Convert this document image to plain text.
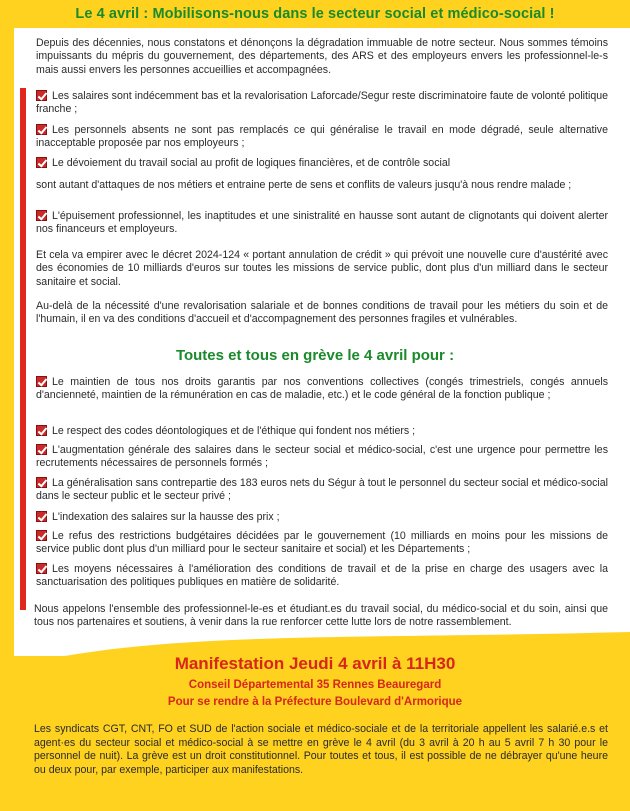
Le 4 avril : Mobilisons-nous dans le secteur social et médico-social !
Depuis des décennies, nous constatons et dénonçons la dégradation immuable de notre secteur. Nous sommes témoins impuissants du mépris du gouvernement, des départements, des ARS et des employeurs envers les professionnel-le-s mais aussi envers les personnes accueillies et accompagnées.
Les salaires sont indécemment bas et la revalorisation Laforcade/Segur reste discriminatoire faute de volonté politique franche ;
Les personnels absents ne sont pas remplacés ce qui généralise le travail en mode dégradé, seule alternative inacceptable proposée par nos employeurs ;
Le dévoiement du travail social au profit de logiques financières, et de contrôle social
sont autant d'attaques de nos métiers et entraine perte de sens et conflits de valeurs jusqu'à nous rendre malade ;
L'épuisement professionnel, les inaptitudes et une sinistralité en hausse sont autant de clignotants qui doivent alerter nos financeurs et employeurs.
Et cela va empirer avec le décret 2024-124 « portant annulation de crédit » qui prévoit une nouvelle cure d'austérité avec des économies de 10 milliards d'euros sur toutes les missions de service public, dont plus d'un milliard dans le secteur sanitaire et social.
Au-delà de la nécessité d'une revalorisation salariale et de bonnes conditions de travail pour les métiers du soin et de l'humain, il en va des conditions d'accueil et d'accompagnement des personnes fragiles et vulnérables.
Toutes et tous en grève le 4 avril pour :
Le maintien de tous nos droits garantis par nos conventions collectives (congés trimestriels, congés annuels d'ancienneté, maintien de la rémunération en cas de maladie, etc.) et le code général de la fonction publique ;
Le respect des codes déontologiques et de l'éthique qui fondent nos métiers ;
L'augmentation générale des salaires dans le secteur social et médico-social, c'est une urgence pour permettre les recrutements nécessaires de personnels formés ;
La généralisation sans contrepartie des 183 euros nets du Ségur à tout le personnel du secteur social et médico-social dans le secteur public et le secteur privé ;
L'indexation des salaires sur la hausse des prix ;
Le refus des restrictions budgétaires décidées par le gouvernement (10 milliards en moins pour les missions de service public dont plus d'un milliard pour le secteur sanitaire et social) et les Départements ;
Les moyens nécessaires à l'amélioration des conditions de travail et de la prise en charge des usagers avec la sanctuarisation des politiques publiques en matière de solidarité.
Nous appelons l'ensemble des professionnel-le-es et étudiant.es du travail social, du médico-social et du soin, ainsi que tous nos partenaires et soutiens, à venir dans la rue renforcer cette lutte lors de notre rassemblement.
Manifestation Jeudi 4 avril à 11H30
Conseil Départemental 35 Rennes Beauregard
Pour se rendre à la Préfecture Boulevard d'Armorique
Les syndicats CGT, CNT, FO et SUD de l'action sociale et médico-sociale et de la territoriale appellent les salarié.e.s et agent·es du secteur social et médico-social à se mettre en grève le 4 avril (du 3 avril à 20 h au 5 avril 7 h 30 pour le personnel de nuit). La grève est un droit constitutionnel. Pour toutes et tous, il est possible de ne débrayer qu'une heure ou deux pour, par exemple, participer aux manifestations.
